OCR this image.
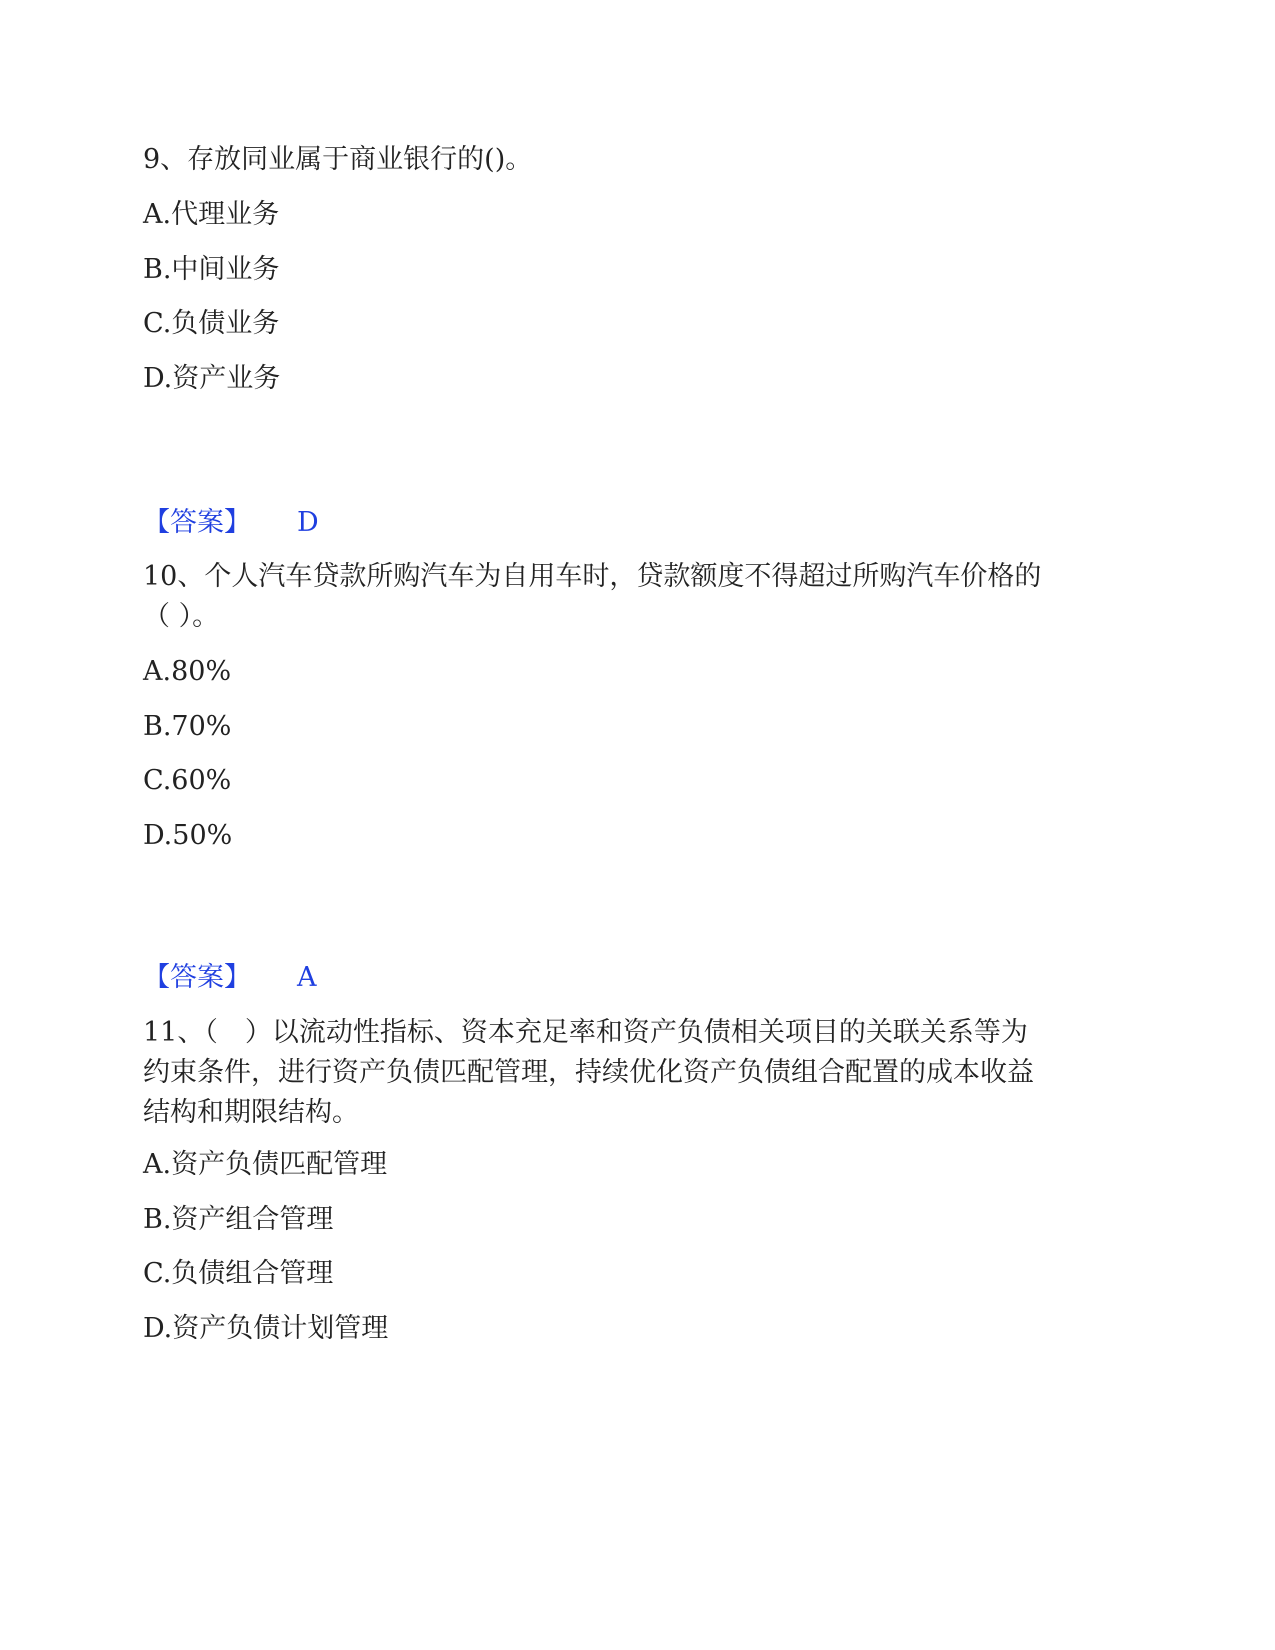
9、存放同业属于商业银行的()。
A.代理业务
B.中间业务
C.负债业务
D.资产业务
【答案】 D
10、个人汽车贷款所购汽车为自用车时，贷款额度不得超过所购汽车价格的
（ ）。
A.80%
B.70%
C.60%
D.50%
【答案】 A
11、（　）以流动性指标、资本充足率和资产负债相关项目的关联关系等为
约束条件，进行资产负债匹配管理，持续优化资产负债组合配置的成本收益
结构和期限结构。
A.资产负债匹配管理
B.资产组合管理
C.负债组合管理
D.资产负债计划管理
